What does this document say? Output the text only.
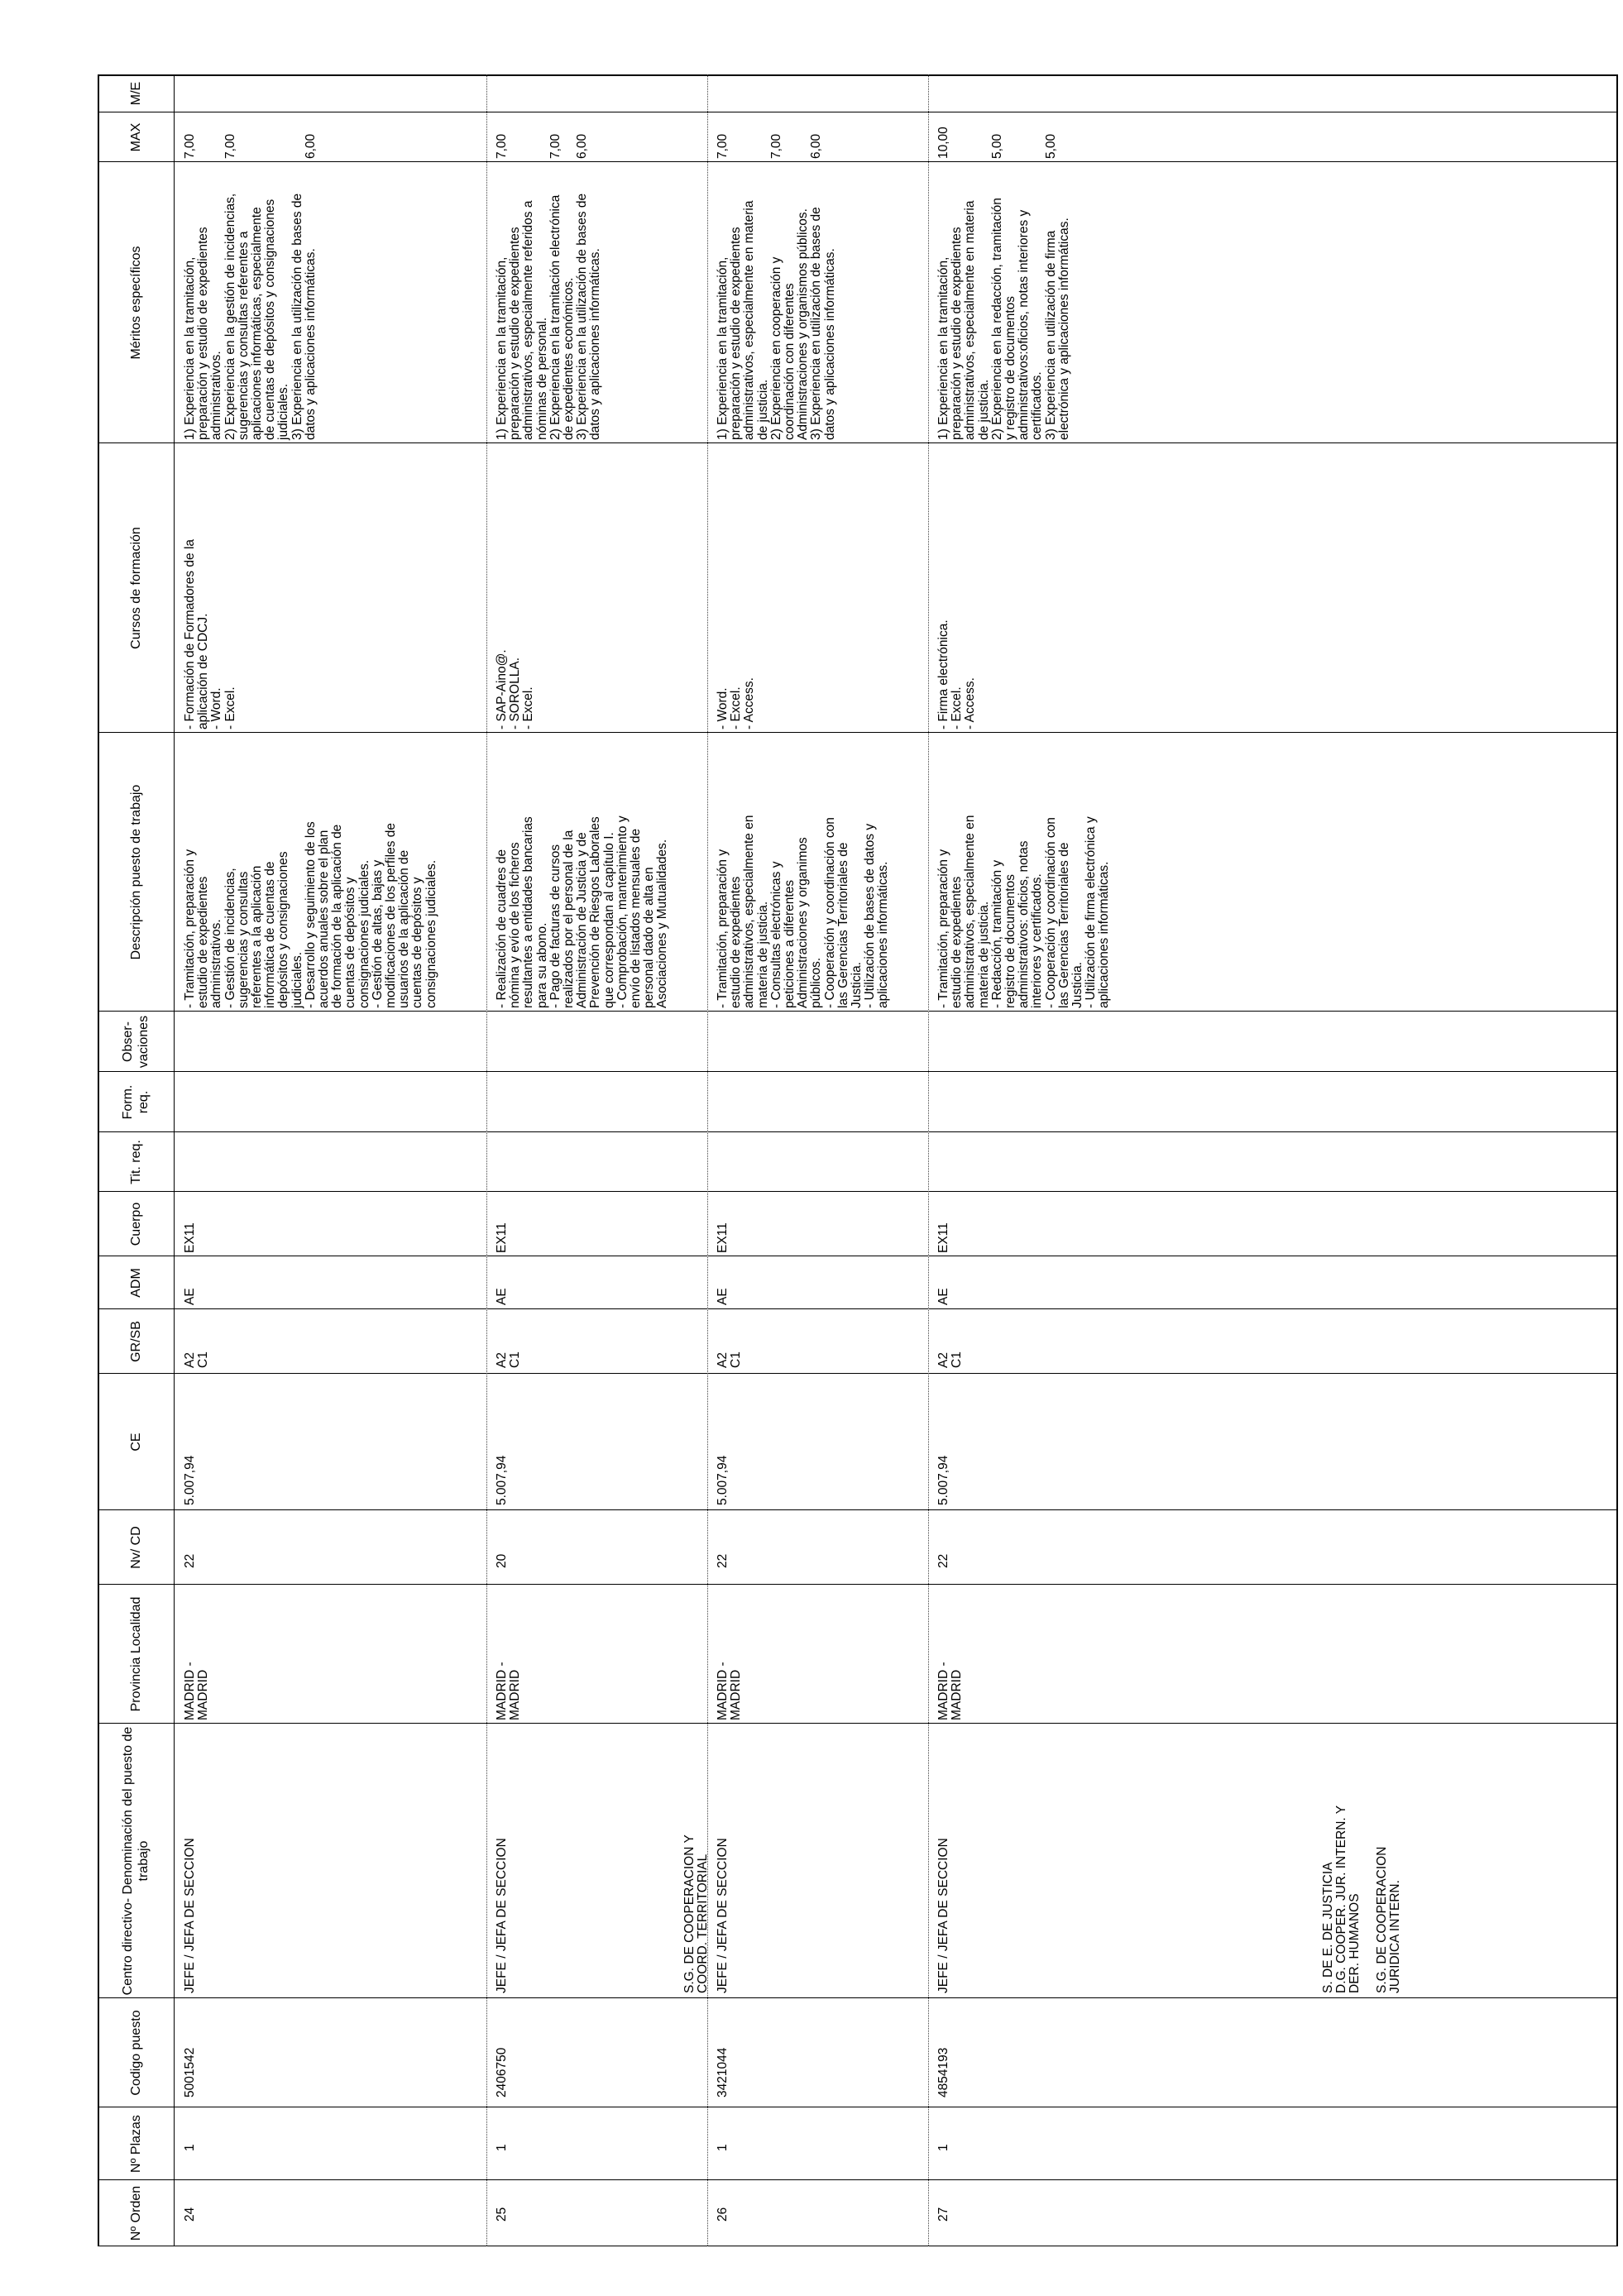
Nº Orden
Nº Plazas
Codigo puesto
Centro directivo- Denominación del puesto de trabajo
Provincia Localidad
Nv/ CD
CE
GR/SB
ADM
Cuerpo
Tit. req.
Form. req.
Obser- vaciones
Descripción puesto de trabajo
Cursos de formación
Méritos específicos
MAX
M/E
24
1
5001542
JEFE / JEFA DE SECCION
MADRID -
MADRID
22
5.007,94
A2
C1
AE
EX11
- Tramitación, preparación y
estudio de expedientes
administrativos.
- Gestión de incidencias,
sugerencias y consultas
referentes a la aplicación
informática de cuentas de
depósitos y consignaciones
judiciales.
- Desarrollo y seguimiento de los
acuerdos anuales sobre el plan
de formación de la aplicación de
cuentas de depósitos y
consignaciones judiciales.
- Gestión de altas, bajas y
modificaciones de los perfiles de
usuarios de la aplicación de
cuentas de depósitos y
consignaciones judiciales.
- Formación de Formadores de la
aplicación de CDCJ.
- Word.
- Excel.
1) Experiencia en la tramitación,
preparación y estudio de expedientes
administrativos.
2) Experiencia en la gestión de incidencias,
sugerencias y consultas referentes a
aplicaciones informáticas, especialmente
de cuentas de depósitos y consignaciones
judiciales.
3) Experiencia en la utilización de bases de
datos y aplicaciones informáticas.
7,00

7,00

6,00
25
1
2406750
JEFE / JEFA DE SECCION
MADRID -
MADRID
20
5.007,94
A2
C1
AE
EX11
- Realización de cuadres de
nómina y evío de los ficheros
resultantes a entidades bancarias
para su abono.
- Pago de facturas de cursos
realizados por el personal de la
Administración de Justicia y de
Prevención de Riesgos Laborales
que correspondan al capítulo I.
- Comprobación, mantenimiento y
envío de listados mensuales de
personal dado de alta en
Asociaciones y Mutualidades.
- SAP-Aino@.
- SOROLLA.
- Excel.
1) Experiencia en la tramitación,
preparación y estudio de expedientes
administrativos, especialmente referidos a
nóminas de personal.
2) Experiencia en la tramitación electrónica
de expedientes económicos.
3) Experiencia en la utilización de bases de
datos y aplicaciones informáticas.
7,00

7,00

6,00
S.G. DE COOPERACION Y
COORD. TERRITORIAL
26
1
3421044
JEFE / JEFA DE SECCION
MADRID -
MADRID
22
5.007,94
A2
C1
AE
EX11
- Tramitación, preparación y
estudio de expedientes
administrativos, especialmente en
materia de justicia.
- Consultas electrónicas y
peticiones a diferentes
Administraciones y organimos
públicos.
- Cooperación y coordinación con
las Gerencias Territoriales de
Justicia.
- Utilización de bases de datos y
aplicaciones informáticas.
- Word.
- Excel.
- Access.
1) Experiencia en la tramitación,
preparación y estudio de expedientes
administrativos, especialmente en materia
de justicia.
2) Experiencia en cooperación y
coordinación con diferentes
Administraciones y organismos públicos.
3) Experiencia en utilización de bases de
datos y aplicaciones informáticas.
7,00

7,00

6,00
27
1
4854193
JEFE / JEFA DE SECCION
MADRID -
MADRID
22
5.007,94
A2
C1
AE
EX11
- Tramitación, preparación y
estudio de expedientes
administrativos, especialmente en
materia de justicia.
- Redacción, tramitación y
registro de documentos
administrativos: oficios, notas
interiores y certificados.
- Cooperación y coordinación con
las Gerencias Territoriales de
Justicia.
- Utilización de firma electrónica y
aplicaciones informáticas.
- Firma electrónica.
- Excel.
- Access.
1) Experiencia en la tramitación,
preparación y estudio de expedientes
administrativos, especialmente en materia
de justicia.
2) Experiencia en la redacción, tramitación
y registro de documentos
administrativos:oficios, notas interiores y
certificados.
3) Experiencia en utilización de firma
electrónica y aplicaciones informáticas.
10,00

5,00

5,00
S. DE E. DE JUSTICIA
D.G. COOPER. JUR. INTERN. Y
DER. HUMANOS

S.G. DE COOPERACION
JURIDICA INTERN.
